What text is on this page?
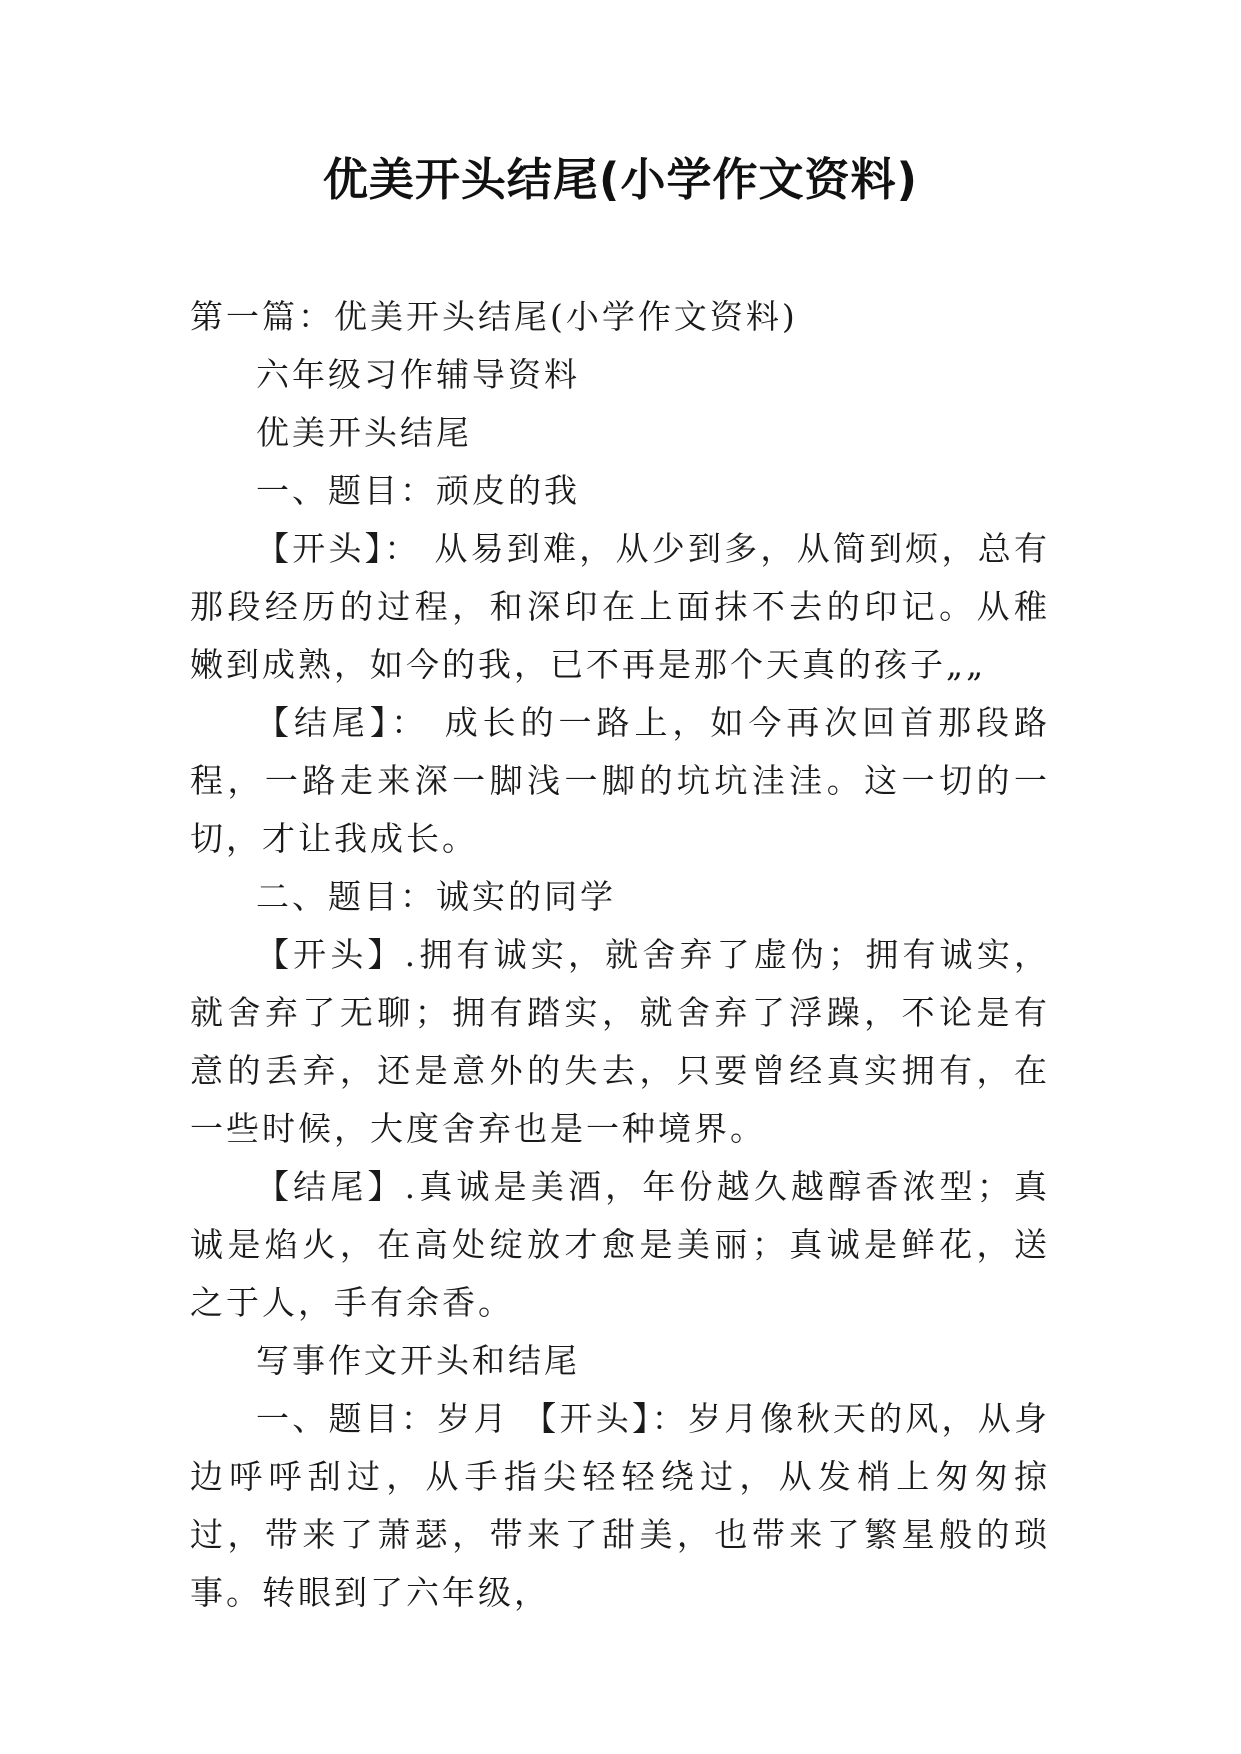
优美开头结尾(小学作文资料)

第一篇：优美开头结尾(小学作文资料)

六年级习作辅导资料

优美开头结尾

一、题目：顽皮的我

【开头】： 从易到难，从少到多，从简到烦，总有那段经历的过程，和深印在上面抹不去的印记。从稚嫩到成熟，如今的我，已不再是那个天真的孩子„„

【结尾】： 成长的一路上，如今再次回首那段路程，一路走来深一脚浅一脚的坑坑洼洼。这一切的一切，才让我成长。

二、题目：诚实的同学

【开头】.拥有诚实，就舍弃了虚伪；拥有诚实，就舍弃了无聊；拥有踏实，就舍弃了浮躁，不论是有意的丢弃，还是意外的失去，只要曾经真实拥有，在一些时候，大度舍弃也是一种境界。

【结尾】.真诚是美酒，年份越久越醇香浓型；真诚是焰火，在高处绽放才愈是美丽；真诚是鲜花，送之于人，手有余香。

写事作文开头和结尾

一、题目：岁月 【开头】：岁月像秋天的风，从身边呼呼刮过，从手指尖轻轻绕过，从发梢上匆匆掠过，带来了萧瑟，带来了甜美，也带来了繁星般的琐事。转眼到了六年级，
